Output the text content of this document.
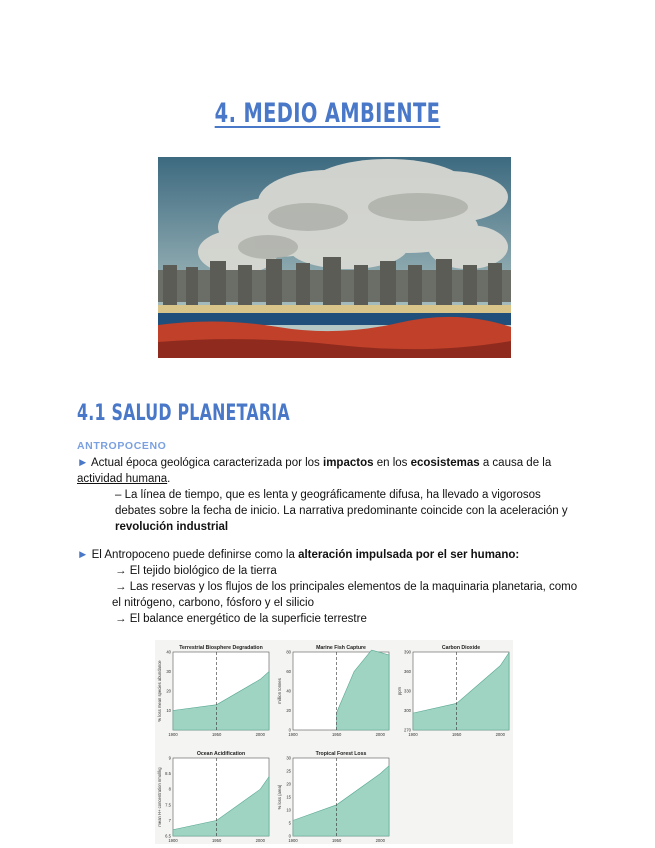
4. MEDIO AMBIENTE
4.1 SALUD PLANETARIA
ANTROPOCENO
► Actual época geológica caracterizada por los impactos en los ecosistemas a causa de la
actividad humana.
– La línea de tiempo, que es lenta y geográficamente difusa, ha llevado a vigorosos
debates sobre la fecha de inicio. La narrativa predominante coincide con la aceleración y
revolución industrial
► El Antropoceno puede definirse como la alteración impulsada por el ser humano:
→ El tejido biológico de la tierra
→ Las reservas y los flujos de los principales elementos de la maquinaria planetaria, como
el nitrógeno, carbono, fósforo y el silicio
→ El balance energético de la superficie terrestre
Terrestrial Biosphere Degradation
1900	1950	2000
10
20
30
40
% loss mean species abundance
Marine Fish Capture
1900	1950	2000
0
20
40
60
80
million tonnes
Carbon Dioxide
1900	1950	2000
270
300
330
360
390
ppm
Ocean Acidification
1900	1950	2000
6.5
7
7.5
8
8.5
9
mean H+ concentration nmol/kg
Tropical Forest Loss
1900	1950	2000
0
5
10
15
20
25
30
% loss (area)
